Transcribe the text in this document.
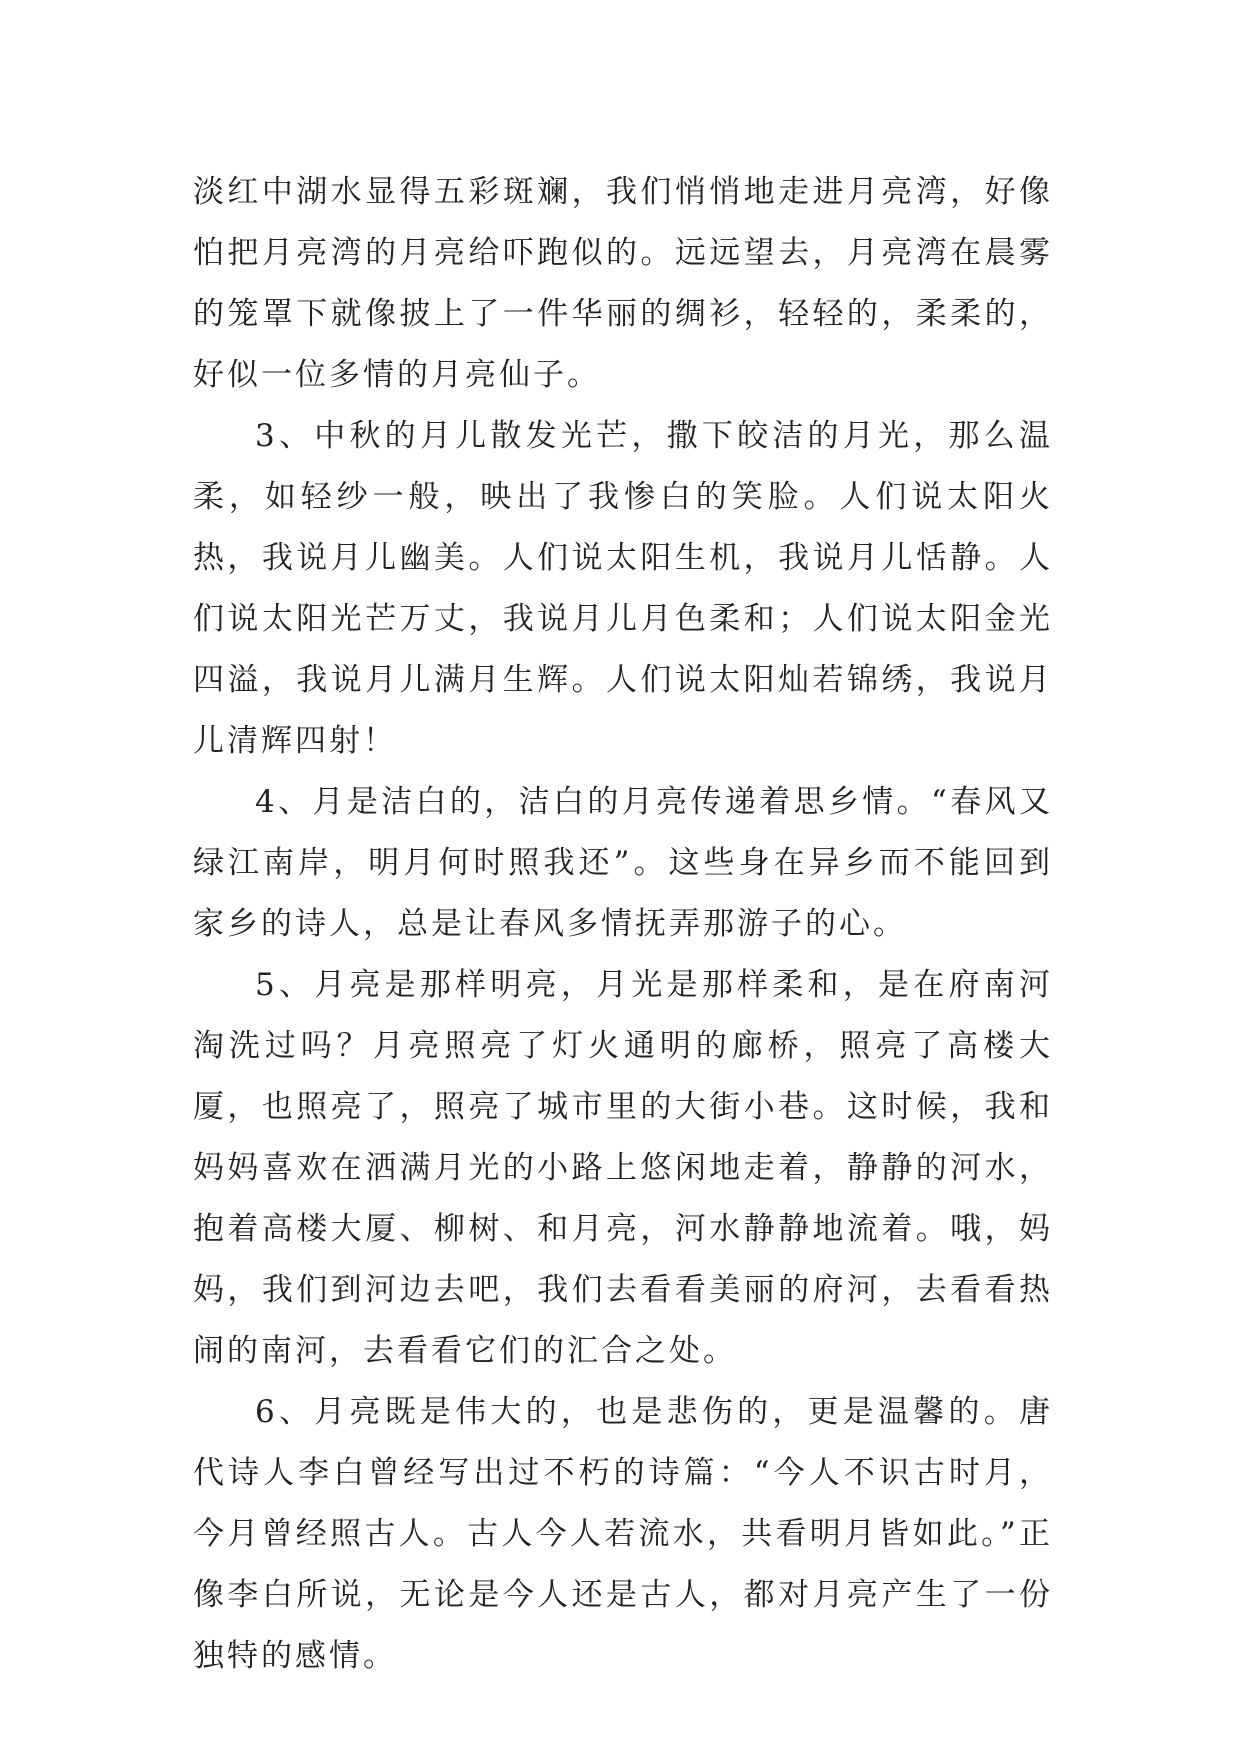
淡红中湖水显得五彩斑斓，我们悄悄地走进月亮湾，好像怕把月亮湾的月亮给吓跑似的。远远望去，月亮湾在晨雾的笼罩下就像披上了一件华丽的绸衫，轻轻的，柔柔的，好似一位多情的月亮仙子。

3、中秋的月儿散发光芒，撒下皎洁的月光，那么温柔，如轻纱一般，映出了我惨白的笑脸。人们说太阳火热，我说月儿幽美。人们说太阳生机，我说月儿恬静。人们说太阳光芒万丈，我说月儿月色柔和；人们说太阳金光四溢，我说月儿满月生辉。人们说太阳灿若锦绣，我说月儿清辉四射！

4、月是洁白的，洁白的月亮传递着思乡情。“春风又绿江南岸，明月何时照我还”。这些身在异乡而不能回到家乡的诗人，总是让春风多情抚弄那游子的心。

5、月亮是那样明亮，月光是那样柔和，是在府南河淘洗过吗？月亮照亮了灯火通明的廊桥，照亮了高楼大厦，也照亮了，照亮了城市里的大街小巷。这时候，我和妈妈喜欢在洒满月光的小路上悠闲地走着，静静的河水，抱着高楼大厦、柳树、和月亮，河水静静地流着。哦，妈妈，我们到河边去吧，我们去看看美丽的府河，去看看热闹的南河，去看看它们的汇合之处。

6、月亮既是伟大的，也是悲伤的，更是温馨的。唐代诗人李白曾经写出过不朽的诗篇：“今人不识古时月，今月曾经照古人。古人今人若流水，共看明月皆如此。”正像李白所说，无论是今人还是古人，都对月亮产生了一份独特的感情。
